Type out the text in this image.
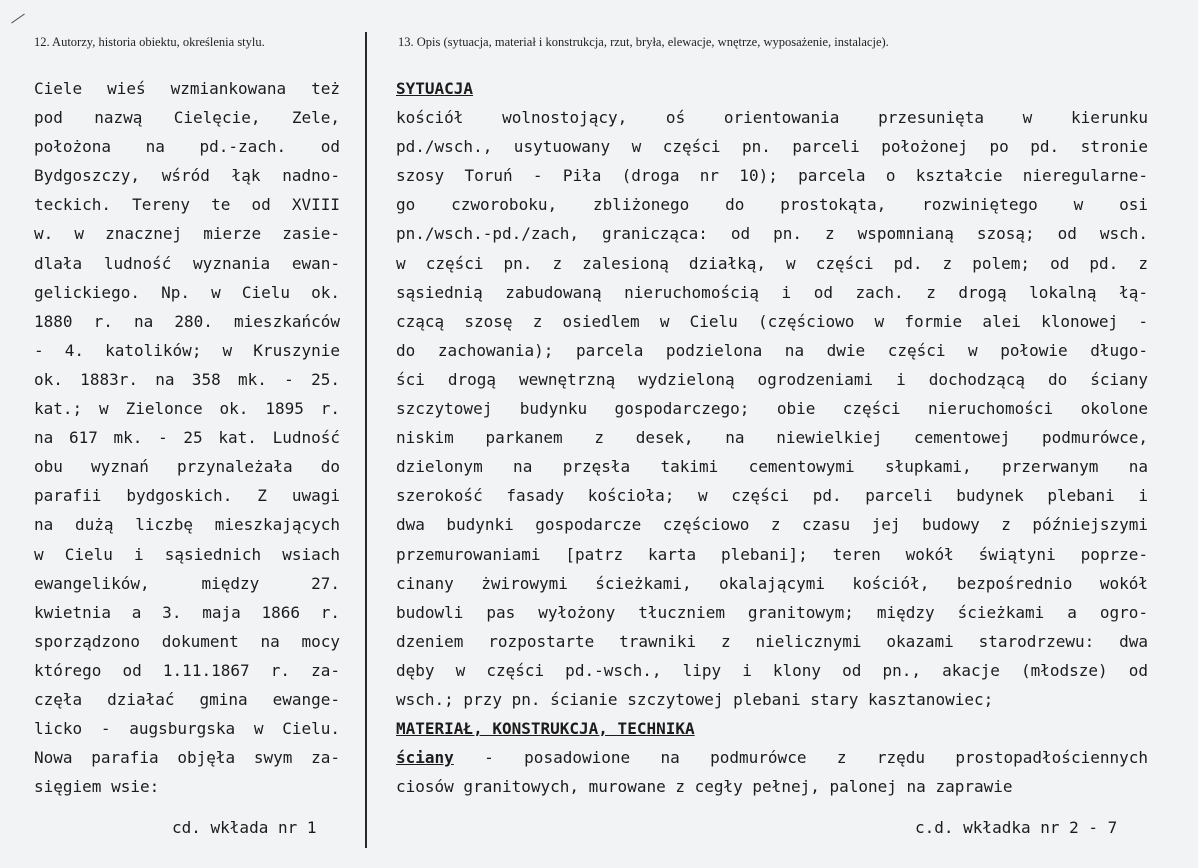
12. Autorzy, historia obiektu, określenia stylu.	13. Opis (sytuacja, materiał i konstrukcja, rzut, bryła, elewacje, wnętrze, wyposażenie, instalacje).
Ciele wieś wzmiankowana też
pod nazwą Cielęcie, Zele,
położona na pd.-zach. od
Bydgoszczy, wśród łąk nadno-
teckich. Tereny te od XVIII
w. w znacznej mierze zasie-
dlała ludność wyznania ewan-
gelickiego. Np. w Cielu ok.
1880 r. na 280. mieszkańców
- 4. katolików; w Kruszynie
ok. 1883r. na 358 mk. - 25.
kat.; w Zielonce ok. 1895 r.
na 617 mk. - 25 kat. Ludność
obu wyznań przynależała do
parafii bydgoskich. Z uwagi
na dużą liczbę mieszkających
w Cielu i sąsiednich wsiach
ewangelików, między 27.
kwietnia a 3. maja 1866 r.
sporządzono dokument na mocy
którego od 1.11.1867 r. za-
częła działać gmina ewange-
licko - augsburgska w Cielu.
Nowa parafia objęła swym za-
sięgiem wsie:
SYTUACJA
kościół wolnostojący, oś orientowania przesunięta w kierunku
pd./wsch., usytuowany w części pn. parceli położonej po pd. stronie
szosy Toruń - Piła (droga nr 10); parcela o kształcie nieregularne-
go czworoboku, zbliżonego do prostokąta, rozwiniętego w osi
pn./wsch.-pd./zach, granicząca: od pn. z wspomnianą szosą; od wsch.
w części pn. z zalesioną działką, w części pd. z polem; od pd. z
sąsiednią zabudowaną nieruchomością i od zach. z drogą lokalną łą-
czącą szosę z osiedlem w Cielu (częściowo w formie alei klonowej -
do zachowania); parcela podzielona na dwie części w połowie długo-
ści drogą wewnętrzną wydzieloną ogrodzeniami i dochodzącą do ściany
szczytowej budynku gospodarczego; obie części nieruchomości okolone
niskim parkanem z desek, na niewielkiej cementowej podmurówce,
dzielonym na przęsła takimi cementowymi słupkami, przerwanym na
szerokość fasady kościoła; w części pd. parceli budynek plebani i
dwa budynki gospodarcze częściowo z czasu jej budowy z późniejszymi
przemurowaniami [patrz karta plebani]; teren wokół świątyni poprze-
cinany żwirowymi ścieżkami, okalającymi kościół, bezpośrednio wokół
budowli pas wyłożony tłuczniem granitowym; między ścieżkami a ogro-
dzeniem rozpostarte trawniki z nielicznymi okazami starodrzewu: dwa
dęby w części pd.-wsch., lipy i klony od pn., akacje (młodsze) od
wsch.; przy pn. ścianie szczytowej plebani stary kasztanowiec;
MATERIAŁ, KONSTRUKCJA, TECHNIKA
ściany - posadowione na podmurówce z rzędu prostopadłościennych
ciosów granitowych, murowane z cegły pełnej, palonej na zaprawie
cd. wkłada nr 1	c.d. wkładka nr 2 - 7
